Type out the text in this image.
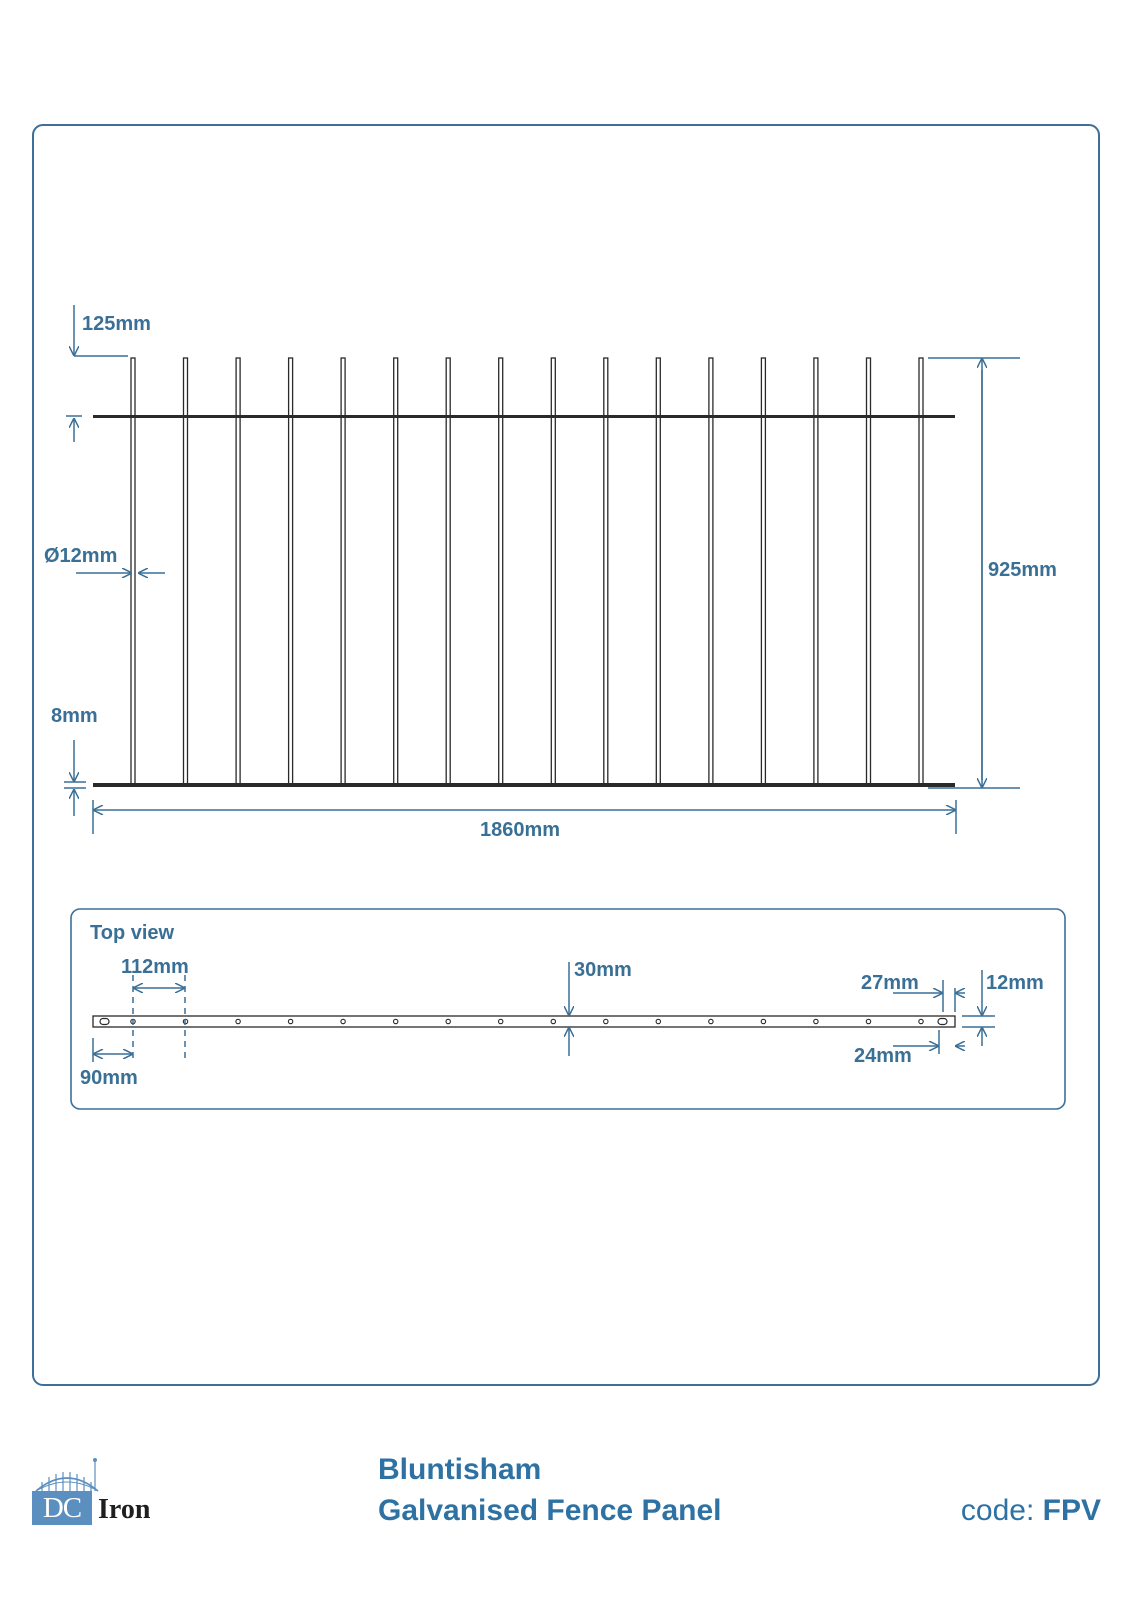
125mm
Ø12mm
925mm
8mm
1860mm
Top view
112mm	30mm
27mm	12mm
90mm
24mm
DC Iron
Bluntisham
Galvanised Fence Panel	code: FPV
